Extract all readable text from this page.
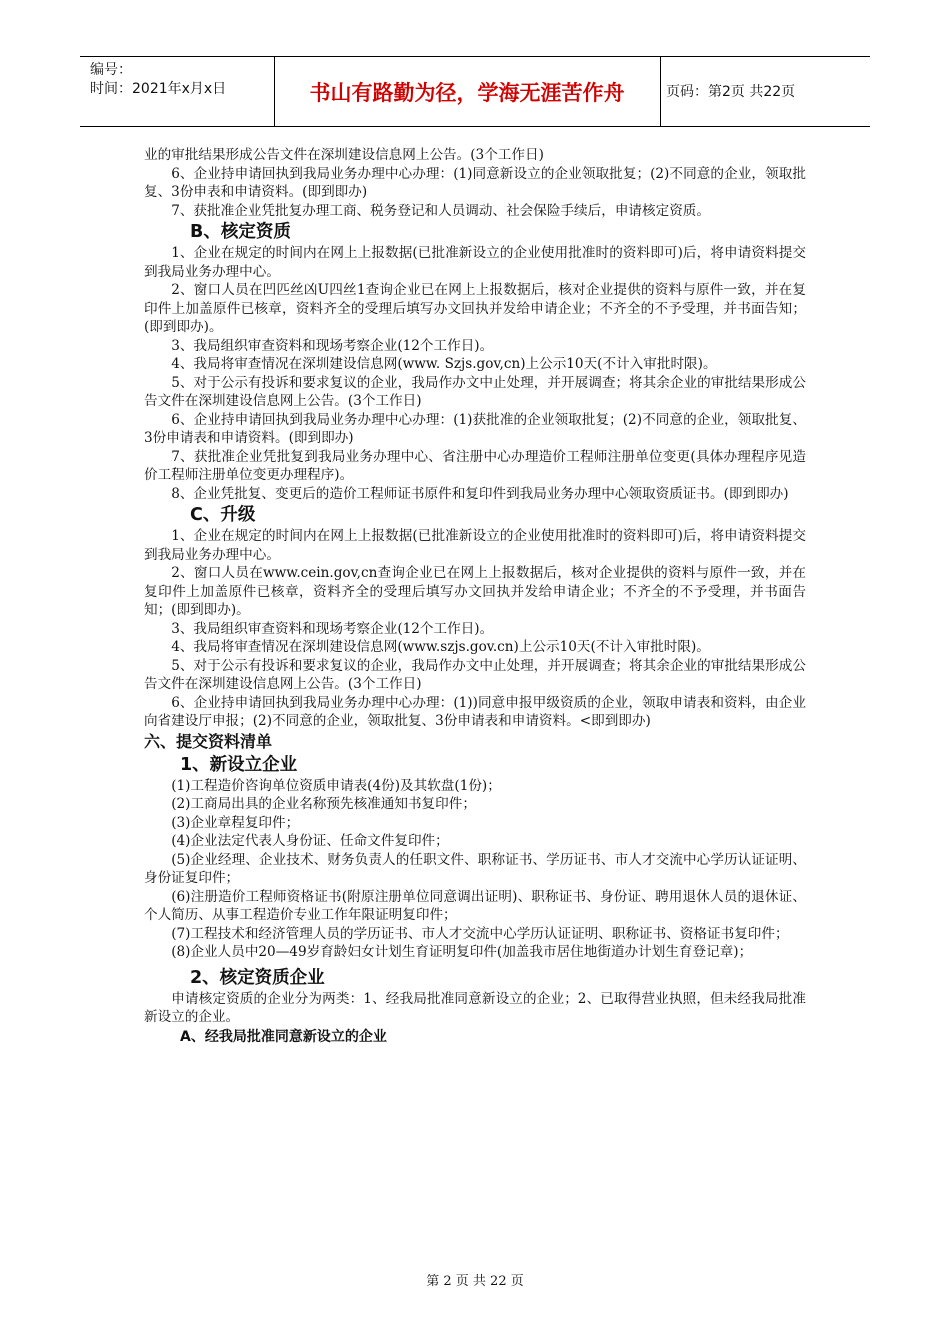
编号：
时间：2021年x月x日	书山有路勤为径，学海无涯苦作舟	页码：第2页 共22页

业的审批结果形成公告文件在深圳建设信息网上公告。(3个工作日)

6、企业持申请回执到我局业务办理中心办理：(1)同意新设立的企业领取批复；(2)不同意的企业，领取批复、3份申表和申请资料。(即到即办)

7、获批准企业凭批复办理工商、税务登记和人员调动、社会保险手续后，申请核定资质。

B、核定资质

1、企业在规定的时间内在网上上报数据(已批准新设立的企业使用批准时的资料即可)后，将申请资料提交到我局业务办理中心。

2、窗口人员在凹匹丝凶U四丝1查询企业已在网上上报数据后，核对企业提供的资料与原件一致，并在复印件上加盖原件已核章，资料齐全的受理后填写办文回执并发给申请企业；不齐全的不予受理，并书面告知；(即到即办)。

3、我局组织审查资料和现场考察企业(12个工作日)。

4、我局将审查情况在深圳建设信息网(www. Szjs.gov,cn)上公示10天(不计入审批时限)。

5、对于公示有投诉和要求复议的企业，我局作办文中止处理，并开展调查；将其余企业的审批结果形成公告文件在深圳建设信息网上公告。(3个工作日)

6、企业持申请回执到我局业务办理中心办理：(1)获批准的企业领取批复；(2)不同意的企业，领取批复、3份申请表和申请资料。(即到即办)

7、获批准企业凭批复到我局业务办理中心、省注册中心办理造价工程师注册单位变更(具体办理程序见造价工程师注册单位变更办理程序)。

8、企业凭批复、变更后的造价工程师证书原件和复印件到我局业务办理中心领取资质证书。(即到即办)

C、升级

1、企业在规定的时间内在网上上报数据(已批准新设立的企业使用批准时的资料即可)后，将申请资料提交到我局业务办理中心。

2、窗口人员在www.cein.gov,cn查询企业已在网上上报数据后，核对企业提供的资料与原件一致，并在复印件上加盖原件已核章，资料齐全的受理后填写办文回执并发给申请企业；不齐全的不予受理，并书面告知；(即到即办)。

3、我局组织审查资料和现场考察企业(12个工作日)。

4、我局将审查情况在深圳建设信息网(www.szjs.gov.cn)上公示10天(不计入审批时限)。

5、对于公示有投诉和要求复议的企业，我局作办文中止处理，并开展调查；将其余企业的审批结果形成公告文件在深圳建设信息网上公告。(3个工作日)

6、企业持申请回执到我局业务办理中心办理：(1))同意申报甲级资质的企业，领取申请表和资料，由企业向省建设厅申报；(2)不同意的企业，领取批复、3份申请表和申请资料。<即到即办)

六、提交资料清单
1、新设立企业

(1)工程造价咨询单位资质申请表(4份)及其软盘(1份)；

(2)工商局出具的企业名称预先核准通知书复印件；

(3)企业章程复印件；

(4)企业法定代表人身份证、任命文件复印件；

(5)企业经理、企业技术、财务负责人的任职文件、职称证书、学历证书、市人才交流中心学历认证证明、身份证复印件；

(6)注册造价工程师资格证书(附原注册单位同意调出证明)、职称证书、身份证、聘用退休人员的退休证、个人简历、从事工程造价专业工作年限证明复印件；

(7)工程技术和经济管理人员的学历证书、市人才交流中心学历认证证明、职称证书、资格证书复印件；

(8)企业人员中20—49岁育龄妇女计划生育证明复印件(加盖我市居住地街道办计划生育登记章)；

2、核定资质企业

申请核定资质的企业分为两类：1、经我局批准同意新设立的企业；2、已取得营业执照，但未经我局批准新设立的企业。

A、经我局批准同意新设立的企业
第 2 页 共 22 页
